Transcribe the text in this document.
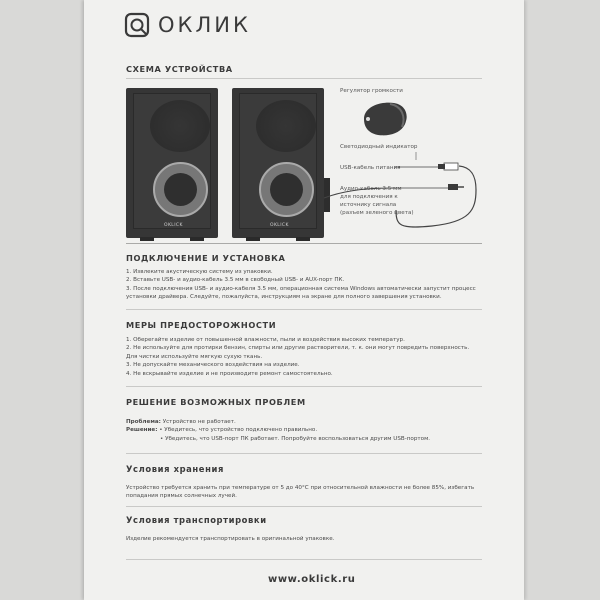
ОКЛИК
СХЕМА УСТРОЙСТВА
OKLICK	OKLICK
Регулятор громкости
Светодиодный индикатор
USB-кабель питания
Аудио-кабель 3.5 мм
для подключения к
источнику сигнала
(разъем зеленого цвета)
ПОДКЛЮЧЕНИЕ И УСТАНОВКА

1. Извлеките акустическую систему из упаковки.

2. Вставьте USB- и аудио-кабель 3.5 мм в свободный USB- и AUX-порт ПК.

3. После подключения USB- и аудио-кабеля 3.5 мм, операционная система Windows автоматически запустит процесс

установки драйвера. Следуйте, пожалуйста, инструкциям на экране для полного завершения установки.

МЕРЫ ПРЕДОСТОРОЖНОСТИ

1. Оберегайте изделие от повышенной влажности, пыли и воздействия высоких температур.

2. Не используйте для протирки бензин, спирты или другие растворители, т. к. они могут повредить поверхность.

Для чистки используйте мягкую сухую ткань.

3. Не допускайте механического воздействия на изделие.

4. Не вскрывайте изделие и не производите ремонт самостоятельно.

РЕШЕНИЕ ВОЗМОЖНЫХ ПРОБЛЕМ

Проблема: Устройство не работает.

Решение: • Убедитесь, что устройство подключено правильно.

• Убедитесь, что USB-порт ПК работает. Попробуйте воспользоваться другим USB-портом.

Условия хранения

Устройство требуется хранить при температуре от 5 до 40°C при относительной влажности не более 85%, избегать

попадания прямых солнечных лучей.

Условия транспортировки

Изделие рекомендуется транспортировать в оригинальной упаковке.

www.oklick.ru
